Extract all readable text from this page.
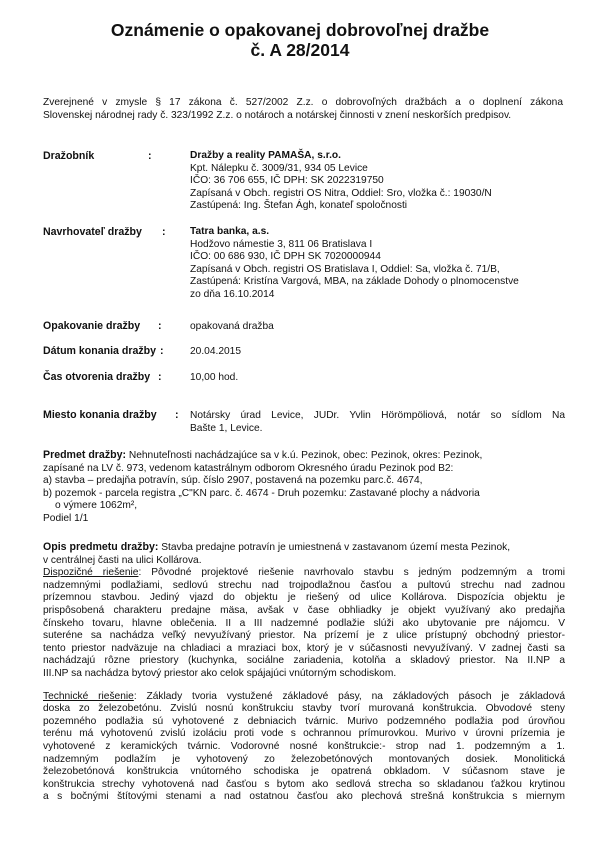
Oznámenie o opakovanej dobrovoľnej dražbe
č. A 28/2014
Zverejnené v zmysle § 17 zákona č. 527/2002 Z.z. o dobrovoľných dražbách a o doplnení zákona
Slovenskej národnej rady č. 323/1992 Z.z. o notároch a notárskej činnosti v znení neskorších predpisov.
Dražobník	:	Dražby a reality PAMAŠA, s.r.o.
Kpt. Nálepku č. 3009/31, 934 05 Levice
IČO: 36 706 655, IČ DPH: SK 2022319750
Zapísaná v Obch. registri OS Nitra, Oddiel: Sro, vložka č.: 19030/N
Zastúpená: Ing. Štefan Ágh, konateľ spoločnosti
Navrhovateľ dražby : Tatra banka, a.s.
Hodžovo námestie 3, 811 06 Bratislava I
IČO: 00 686 930, IČ DPH SK 7020000944
Zapísaná v Obch. registri OS Bratislava I, Oddiel: Sa, vložka č. 71/B,
Zastúpená: Kristína Vargová, MBA, na základe Dohody o plnomocenstve
zo dňa 16.10.2014
Opakovanie dražby :	opakovaná dražba
Dátum konania dražby :	20.04.2015
Čas otvorenia dražby :	10,00 hod.
Miesto konania dražby : Notársky úrad Levice, JUDr. Yvlin Hörömpöliová, notár so sídlom Na
Bašte 1, Levice.
Predmet dražby: Nehnuteľnosti nachádzajúce sa v k.ú. Pezinok, obec: Pezinok, okres: Pezinok,
zapísané na LV č. 973, vedenom katastrálnym odborom Okresného úradu Pezinok pod B2:
a) stavba – predajňa potravín, súp. číslo 2907, postavená na pozemku parc.č. 4674,
b) pozemok - parcela registra „C"KN parc. č. 4674 - Druh pozemku: Zastavané plochy a nádvoria
o výmere 1062m²,
Podiel 1/1
Opis predmetu dražby: Stavba predajne potravín je umiestnená v zastavanom území mesta Pezinok,
v centrálnej časti na ulici Kollárova.
Dispozičné riešenie: Pôvodné projektové riešenie navrhovalo stavbu s jedným podzemným a tromi
nadzemnými podlažiami, sedlovú strechu nad trojpodlažnou časťou a pultovú strechu nad zadnou
prízemnou stavbou. Jediný vjazd do objektu je riešený od ulice Kollárova. Dispozícia objektu je
prispôsobená charakteru predajne mäsa, avšak v čase obhliadky je objekt využívaný ako predajňa
čínskeho tovaru, hlavne oblečenia. II a III nadzemné podlažie slúži ako ubytovanie pre nájomcu. V
suteréne sa nachádza veľký nevyužívaný priestor. Na prízemí je z ulice prístupný obchodný priestor-
tento priestor nadväzuje na chladiaci a mraziaci box, ktorý je v súčasnosti nevyužívaný. V zadnej časti sa
nachádzajú rôzne priestory (kuchynka, sociálne zariadenia, kotolňa a skladový priestor. Na II.NP a
III.NP sa nachádza bytový priestor ako celok spájajúci vnútorným schodiskom.
Technické riešenie: Základy tvoria vystužené základové pásy, na základových pásoch je základová
doska zo železobetónu. Zvislú nosnú konštrukciu stavby tvorí murovaná konštrukcia. Obvodové steny
pozemného podlažia sú vyhotovené z debniacich tvárnic. Murivo podzemného podlažia pod úrovňou
terénu má vyhotovenú zvislú izoláciu proti vode s ochrannou prímurovkou. Murivo v úrovni prízemia je
vyhotovené z keramických tvárnic. Vodorovné nosné konštrukcie:- strop nad 1. podzemným a 1.
nadzemným podlažím je vyhotovený zo železobetónových montovaných dosiek. Monolitická
železobetónová konštrukcia vnútorného schodiska je opatrená obkladom. V súčasnom stave je
konštrukcia strechy vyhotovená nad časťou s bytom ako sedlová strecha so skladanou ťažkou krytinou
a s bočnými štítovými stenami a nad ostatnou časťou ako plechová strešná konštrukcia s miernym
